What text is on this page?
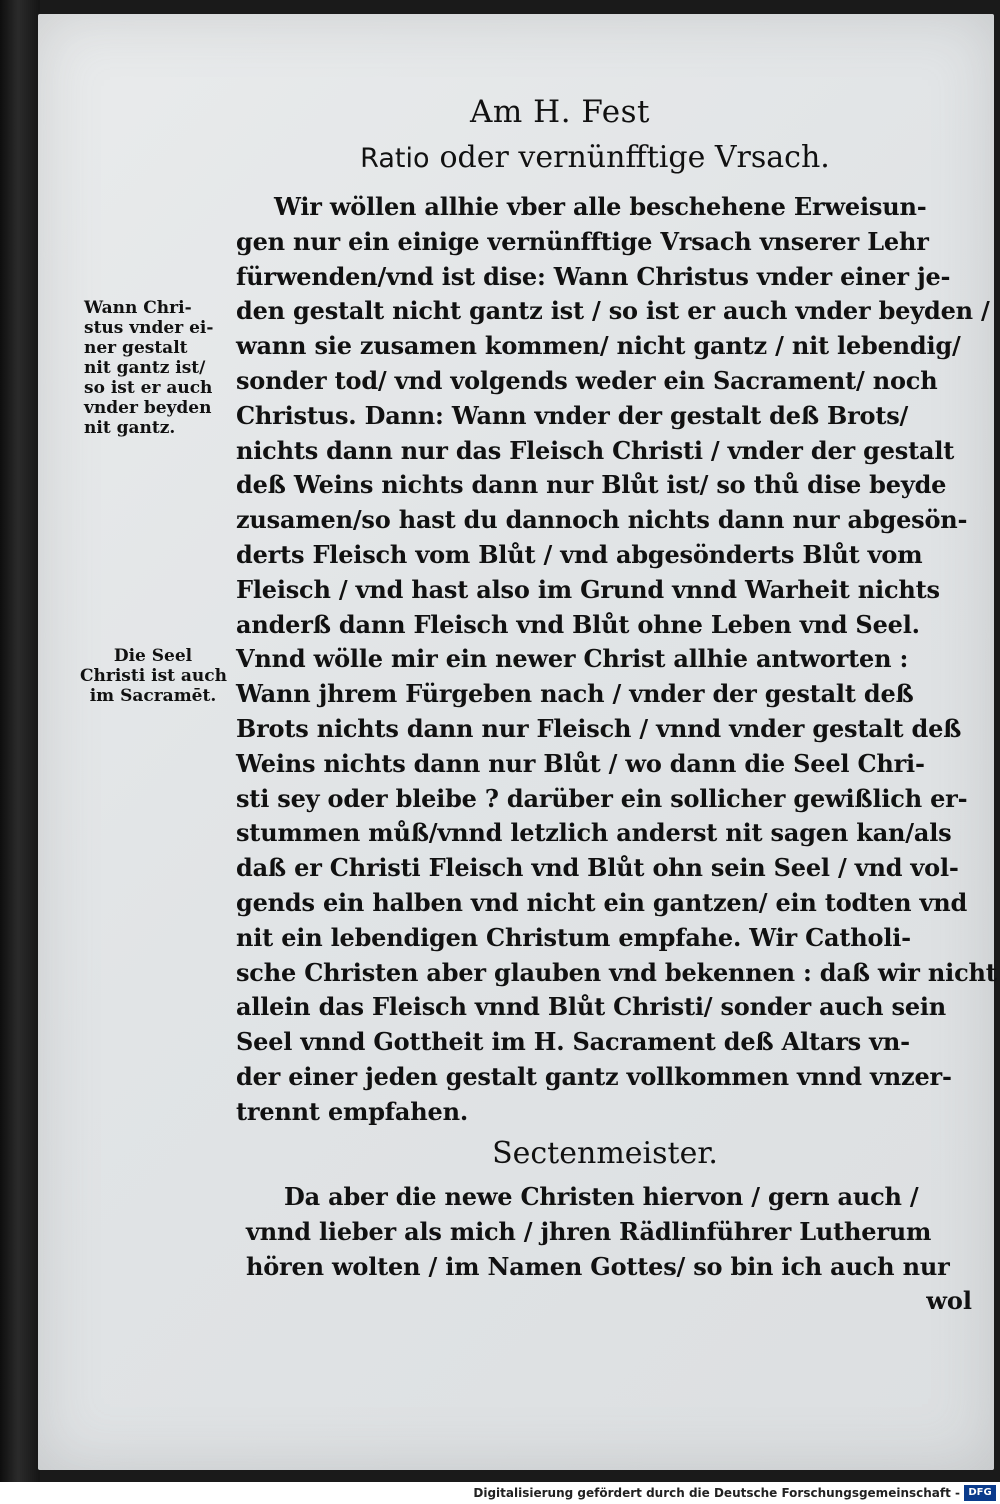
Am H. Fest
Ratio oder vernünfftige Vrsach.
Wann Chri-
stus vnder ei-
ner gestalt
nit gantz ist/
so ist er auch
vnder beyden
nit gantz.
Die Seel
Christi ist auch
im Sacramēt.
Wir wöllen allhie vber alle beschehene Erweisun-
gen nur ein einige vernünfftige Vrsach vnserer Lehr
fürwenden/vnd ist dise: Wann Christus vnder einer je-
den gestalt nicht gantz ist / so ist er auch vnder beyden /
wann sie zusamen kommen/ nicht gantz / nit lebendig/
sonder tod/ vnd volgends weder ein Sacrament/ noch
Christus. Dann: Wann vnder der gestalt deß Brots/
nichts dann nur das Fleisch Christi / vnder der gestalt
deß Weins nichts dann nur Blůt ist/ so thů dise beyde
zusamen/so hast du dannoch nichts dann nur abgesön-
derts Fleisch vom Blůt / vnd abgesönderts Blůt vom
Fleisch / vnd hast also im Grund vnnd Warheit nichts
anderß dann Fleisch vnd Blůt ohne Leben vnd Seel.
Vnnd wölle mir ein newer Christ allhie antworten :
Wann jhrem Fürgeben nach / vnder der gestalt deß
Brots nichts dann nur Fleisch / vnnd vnder gestalt deß
Weins nichts dann nur Blůt / wo dann die Seel Chri-
sti sey oder bleibe ? darüber ein sollicher gewißlich er-
stummen můß/vnnd letzlich anderst nit sagen kan/als
daß er Christi Fleisch vnd Blůt ohn sein Seel / vnd vol-
gends ein halben vnd nicht ein gantzen/ ein todten vnd
nit ein lebendigen Christum empfahe. Wir Catholi-
sche Christen aber glauben vnd bekennen : daß wir nicht
allein das Fleisch vnnd Blůt Christi/ sonder auch sein
Seel vnnd Gottheit im H. Sacrament deß Altars vn-
der einer jeden gestalt gantz vollkommen vnnd vnzer-
trennt empfahen.
Sectenmeister.
Da aber die newe Christen hiervon / gern auch /
vnnd lieber als mich / jhren Rädlinführer Lutherum
hören wolten / im Namen Gottes/ so bin ich auch nur
wol
Digitalisierung gefördert durch die Deutsche Forschungsgemeinschaft - DFG
